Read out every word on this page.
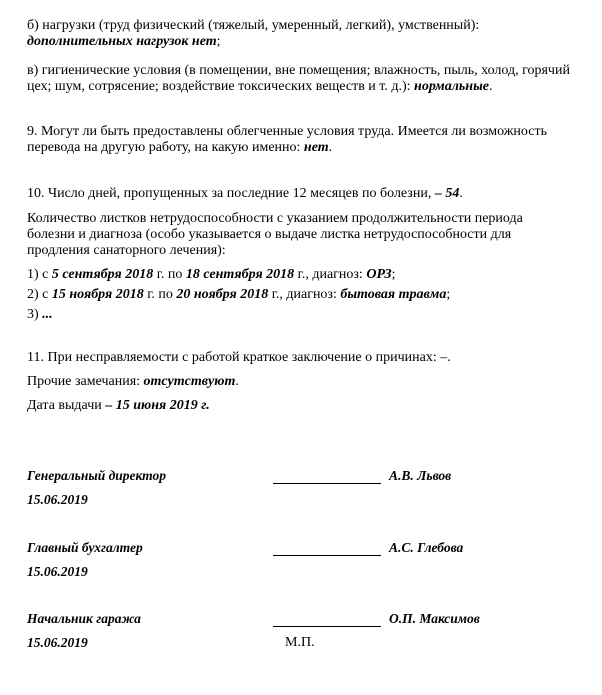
б) нагрузки (труд физический (тяжелый, умеренный, легкий), умственный):
дополнительных нагрузок нет;
в) гигиенические условия (в помещении, вне помещения; влажность, пыль, холод, горячий
цех; шум, сотрясение; воздействие токсических веществ и т. д.): нормальные.
9. Могут ли быть предоставлены облегченные условия труда. Имеется ли возможность
перевода на другую работу, на какую именно: нет.
10. Число дней, пропущенных за последние 12 месяцев по болезни, – 54.
Количество листков нетрудоспособности с указанием продолжительности периода
болезни и диагноза (особо указывается о выдаче листка нетрудоспособности для
продления санаторного лечения):
1) с 5 сентября 2018 г. по 18 сентября 2018 г., диагноз: ОРЗ;
2) с 15 ноября 2018 г. по 20 ноября 2018 г., диагноз: бытовая травма;
3) ...
11. При несправляемости с работой краткое заключение о причинах: –.
Прочие замечания: отсутствуют.
Дата выдачи – 15 июня 2019 г.
Генеральный директор	А.В. Львов
15.06.2019
Главный бухгалтер	А.С. Глебова
15.06.2019
Начальник гаража	О.П. Максимов
15.06.2019	М.П.
